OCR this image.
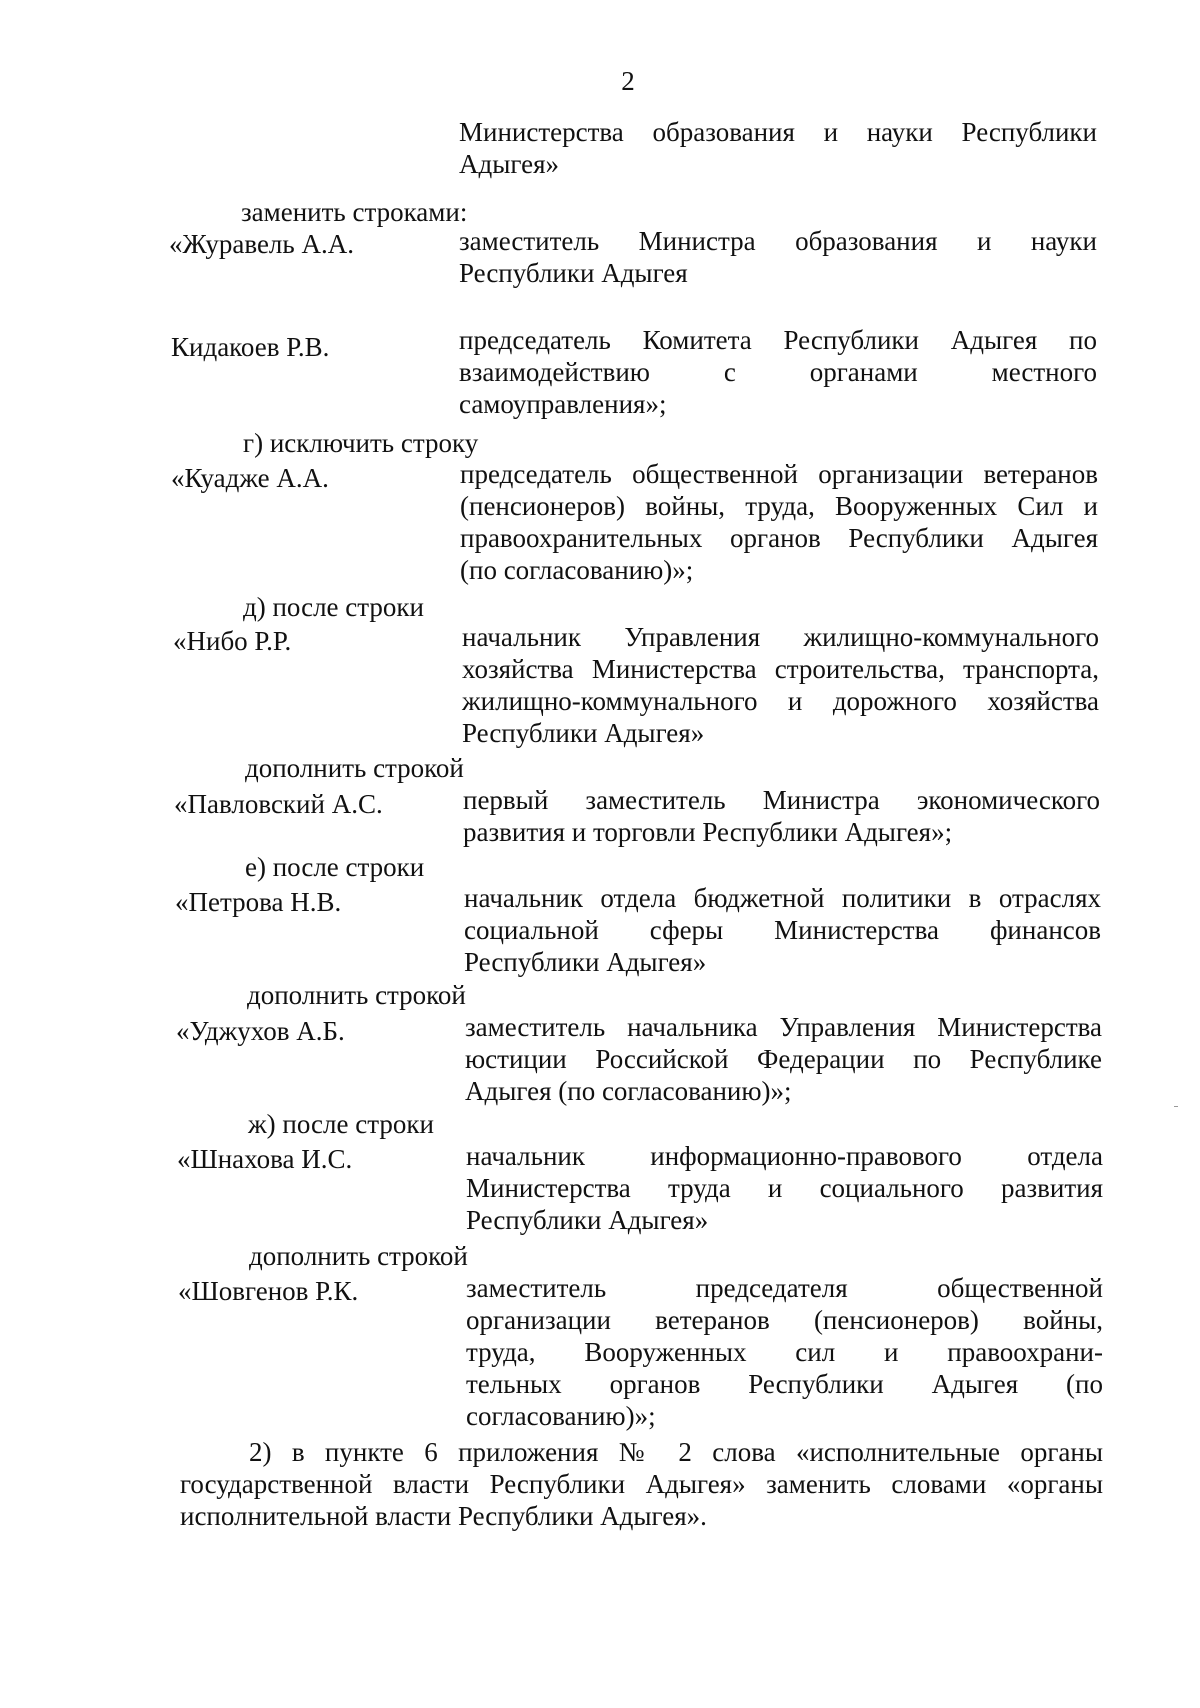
2
Министерства образования и науки Республики
Адыгея»
заменить строками:
«Журавель А.А.	заместитель Министра образования и науки
Республики Адыгея
Кидакоев Р.В.	председатель Комитета Республики Адыгея по
взаимодействию с органами местного
самоуправления»;
г) исключить строку
«Куадже А.А.	председатель общественной организации ветеранов
(пенсионеров) войны, труда, Вооруженных Сил и
правоохранительных органов Республики Адыгея
(по согласованию)»;
д) после строки
«Нибо Р.Р.	начальник Управления жилищно-коммунального
хозяйства Министерства строительства, транспорта,
жилищно-коммунального и дорожного хозяйства
Республики Адыгея»
дополнить строкой
«Павловский А.С.	первый заместитель Министра экономического
развития и торговли Республики Адыгея»;
е) после строки
«Петрова Н.В.	начальник отдела бюджетной политики в отраслях
социальной сферы Министерства финансов
Республики Адыгея»
дополнить строкой
«Уджухов А.Б.	заместитель начальника Управления Министерства
юстиции Российской Федерации по Республике
Адыгея (по согласованию)»;
ж) после строки
«Шнахова И.С.	начальник информационно-правового отдела
Министерства труда и социального развития
Республики Адыгея»
дополнить строкой
«Шовгенов Р.К.	заместитель председателя общественной
организации ветеранов (пенсионеров) войны,
труда, Вооруженных сил и правоохрани-
тельных органов Республики Адыгея (по
согласованию)»;
2) в пункте 6 приложения № 2 слова «исполнительные органы
государственной власти Республики Адыгея» заменить словами «органы
исполнительной власти Республики Адыгея».
